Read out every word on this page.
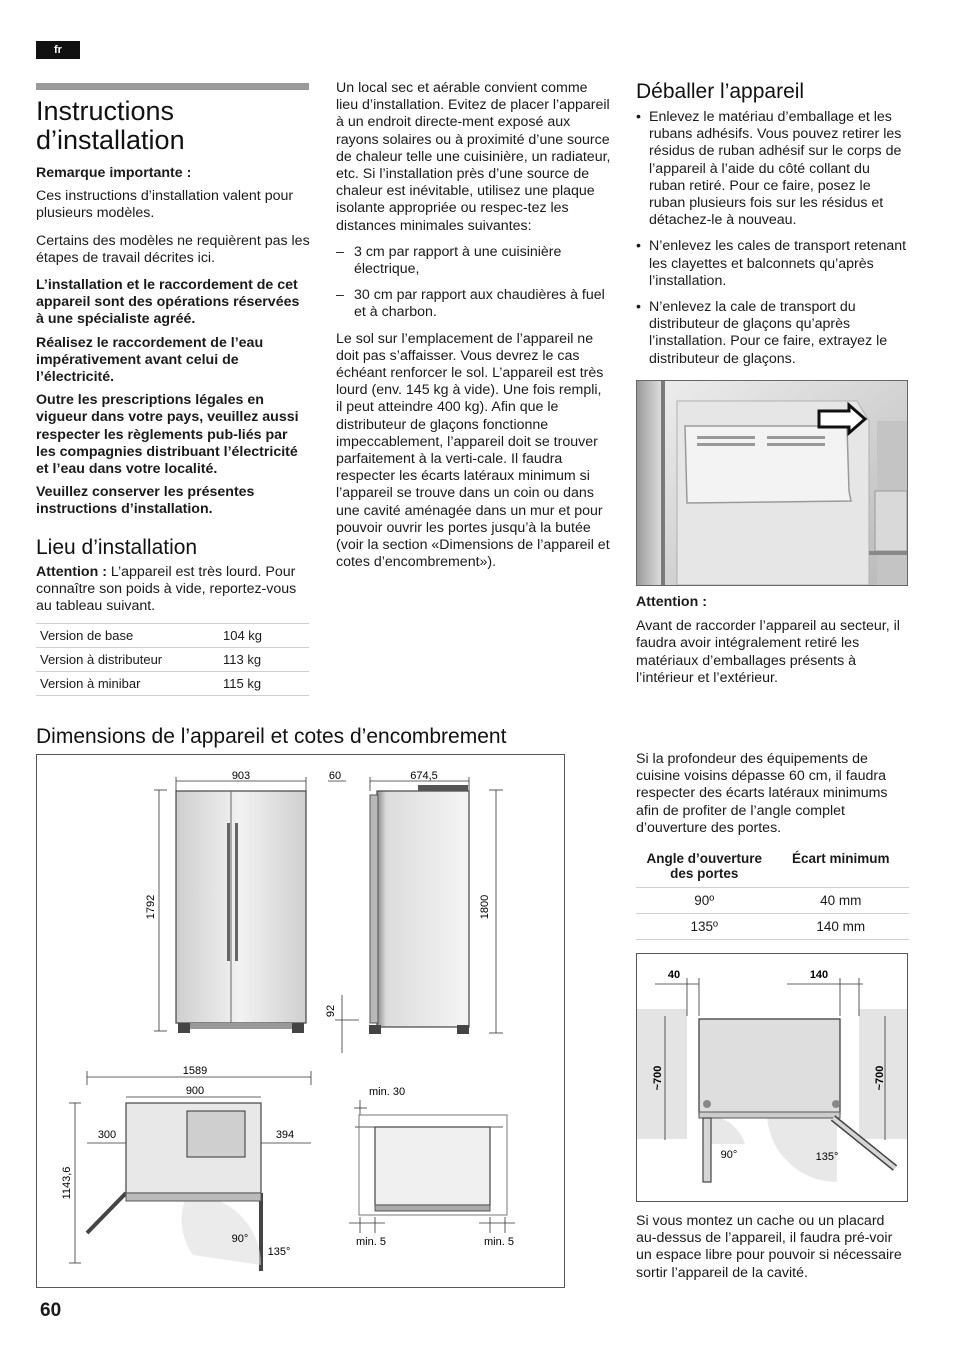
fr
Instructions d’installation

Remarque importante :

Ces instructions d’installation valent pour plusieurs modèles.

Certains des modèles ne requièrent pas les étapes de travail décrites ici.

L’installation et le raccordement de cet appareil sont des opérations réservées à une spécialiste agréé.

Réalisez le raccordement de l’eau impérativement avant celui de l’électricité.

Outre les prescriptions légales en vigueur dans votre pays, veuillez aussi respecter les règlements pub-liés par les compagnies distribuant l’électricité et l’eau dans votre localité.

Veuillez conserver les présentes instructions d’installation.

Lieu d’installation

Attention : L’appareil est très lourd. Pour connaître son poids à vide, reportez-vous au tableau suivant.

Version de base	104 kg
Version à distributeur	113 kg
Version à minibar	115 kg

Un local sec et aérable convient comme lieu d’installation. Evitez de placer l’appareil à un endroit directe-ment exposé aux rayons solaires ou à proximité d’une source de chaleur telle une cuisinière, un radiateur, etc. Si l’installation près d’une source de chaleur est inévitable, utilisez une plaque isolante appropriée ou respec-tez les distances minimales suivantes:

– 3 cm par rapport à une cuisinière électrique,
– 30 cm par rapport aux chaudières à fuel et à charbon.

Le sol sur l’emplacement de l’appareil ne doit pas s’affaisser. Vous devrez le cas échéant renforcer le sol. L’appareil est très lourd (env. 145 kg à vide). Une fois rempli, il peut atteindre 400 kg). Afin que le distributeur de glaçons fonctionne impeccablement, l’appareil doit se trouver parfaitement à la verti-cale. Il faudra respecter les écarts latéraux minimum si l’appareil se trouve dans un coin ou dans une cavité aménagée dans un mur et pour pouvoir ouvrir les portes jusqu’à la butée (voir la section «Dimensions de l’appareil et cotes d’encombrement»).

Déballer l’appareil
• Enlevez le matériau d’emballage et les rubans adhésifs. Vous pouvez retirer les résidus de ruban adhésif sur le corps de l’appareil à l’aide du côté collant du ruban retiré. Pour ce faire, posez le ruban plusieurs fois sur les résidus et détachez-le à nouveau.
• N’enlevez les cales de transport retenant les clayettes et balconnets qu’après l’installation.
• N’enlevez la cale de transport du distributeur de glaçons qu’après l’installation. Pour ce faire, extrayez le distributeur de glaçons.

Attention :

Avant de raccorder l’appareil au secteur, il faudra avoir intégralement retiré les matériaux d’emballages présents à l’intérieur et l’extérieur.

Dimensions de l’appareil et cotes d’encombrement
903	60	674,5
1792	1800
92
1589
900
300	394
1143,6
90°
135°
min. 30
min. 5	min. 5

Si la profondeur des équipements de cuisine voisins dépasse 60 cm, il faudra respecter des écarts latéraux minimums afin de profiter de l’angle complet d’ouverture des portes.

Angle d’ouverture des portes	Écart minimum
90º	40 mm
135º	140 mm
40	140
~700	~700
90°	135°

Si vous montez un cache ou un placard au-dessus de l’appareil, il faudra pré-voir un espace libre pour pouvoir si nécessaire sortir l’appareil de la cavité.

60
